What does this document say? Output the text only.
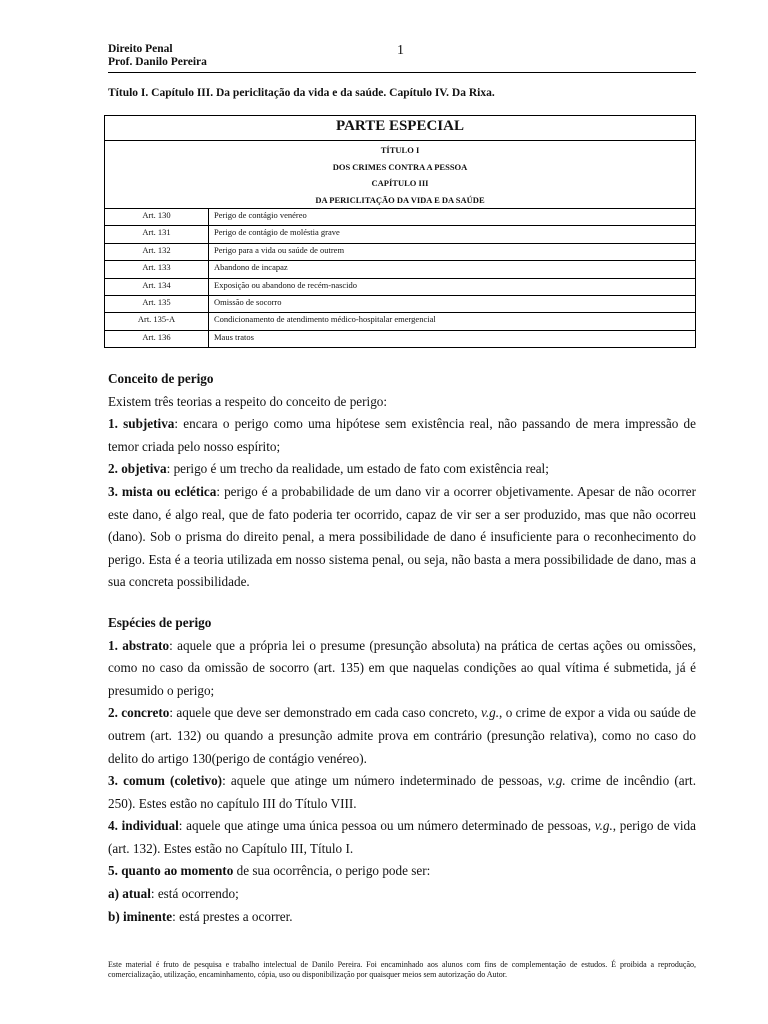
Direito Penal
Prof. Danilo Pereira
1
Título I. Capítulo III. Da periclitação da vida e da saúde. Capítulo IV. Da Rixa.
PARTE ESPECIAL
TÍTULO I
DOS CRIMES CONTRA A PESSOA
CAPÍTULO III
DA PERICLITAÇÃO DA VIDA E DA SAÚDE
Art. 130	Perigo de contágio venéreo
Art. 131	Perigo de contágio de moléstia grave
Art. 132	Perigo para a vida ou saúde de outrem
Art. 133	Abandono de incapaz
Art. 134	Exposição ou abandono de recém-nascido
Art. 135	Omissão de socorro
Art. 135-A	Condicionamento de atendimento médico-hospitalar emergencial
Art. 136	Maus tratos
Conceito de perigo

Existem três teorias a respeito do conceito de perigo:

1. subjetiva: encara o perigo como uma hipótese sem existência real, não passando de mera impressão de temor criada pelo nosso espírito;

2. objetiva: perigo é um trecho da realidade, um estado de fato com existência real;

3. mista ou eclética: perigo é a probabilidade de um dano vir a ocorrer objetivamente. Apesar de não ocorrer este dano, é algo real, que de fato poderia ter ocorrido, capaz de vir ser a ser produzido, mas que não ocorreu (dano). Sob o prisma do direito penal, a mera possibilidade de dano é insuficiente para o reconhecimento do perigo. Esta é a teoria utilizada em nosso sistema penal, ou seja, não basta a mera possibilidade de dano, mas a sua concreta possibilidade.

Espécies de perigo

1. abstrato: aquele que a própria lei o presume (presunção absoluta) na prática de certas ações ou omissões, como no caso da omissão de socorro (art. 135) em que naquelas condições ao qual vítima é submetida, já é presumido o perigo;

2. concreto: aquele que deve ser demonstrado em cada caso concreto, v.g., o crime de expor a vida ou saúde de outrem (art. 132) ou quando a presunção admite prova em contrário (presunção relativa), como no caso do delito do artigo 130(perigo de contágio venéreo).

3. comum (coletivo): aquele que atinge um número indeterminado de pessoas, v.g. crime de incêndio (art. 250). Estes estão no capítulo III do Título VIII.

4. individual: aquele que atinge uma única pessoa ou um número determinado de pessoas, v.g., perigo de vida (art. 132). Estes estão no Capítulo III, Título I.

5. quanto ao momento de sua ocorrência, o perigo pode ser:

a) atual: está ocorrendo;

b) iminente: está prestes a ocorrer.

Este material é fruto de pesquisa e trabalho intelectual de Danilo Pereira. Foi encaminhado aos alunos com fins de complementação de estudos. É proibida a reprodução, comercialização, utilização, encaminhamento, cópia, uso ou disponibilização por quaisquer meios sem autorização do Autor.
